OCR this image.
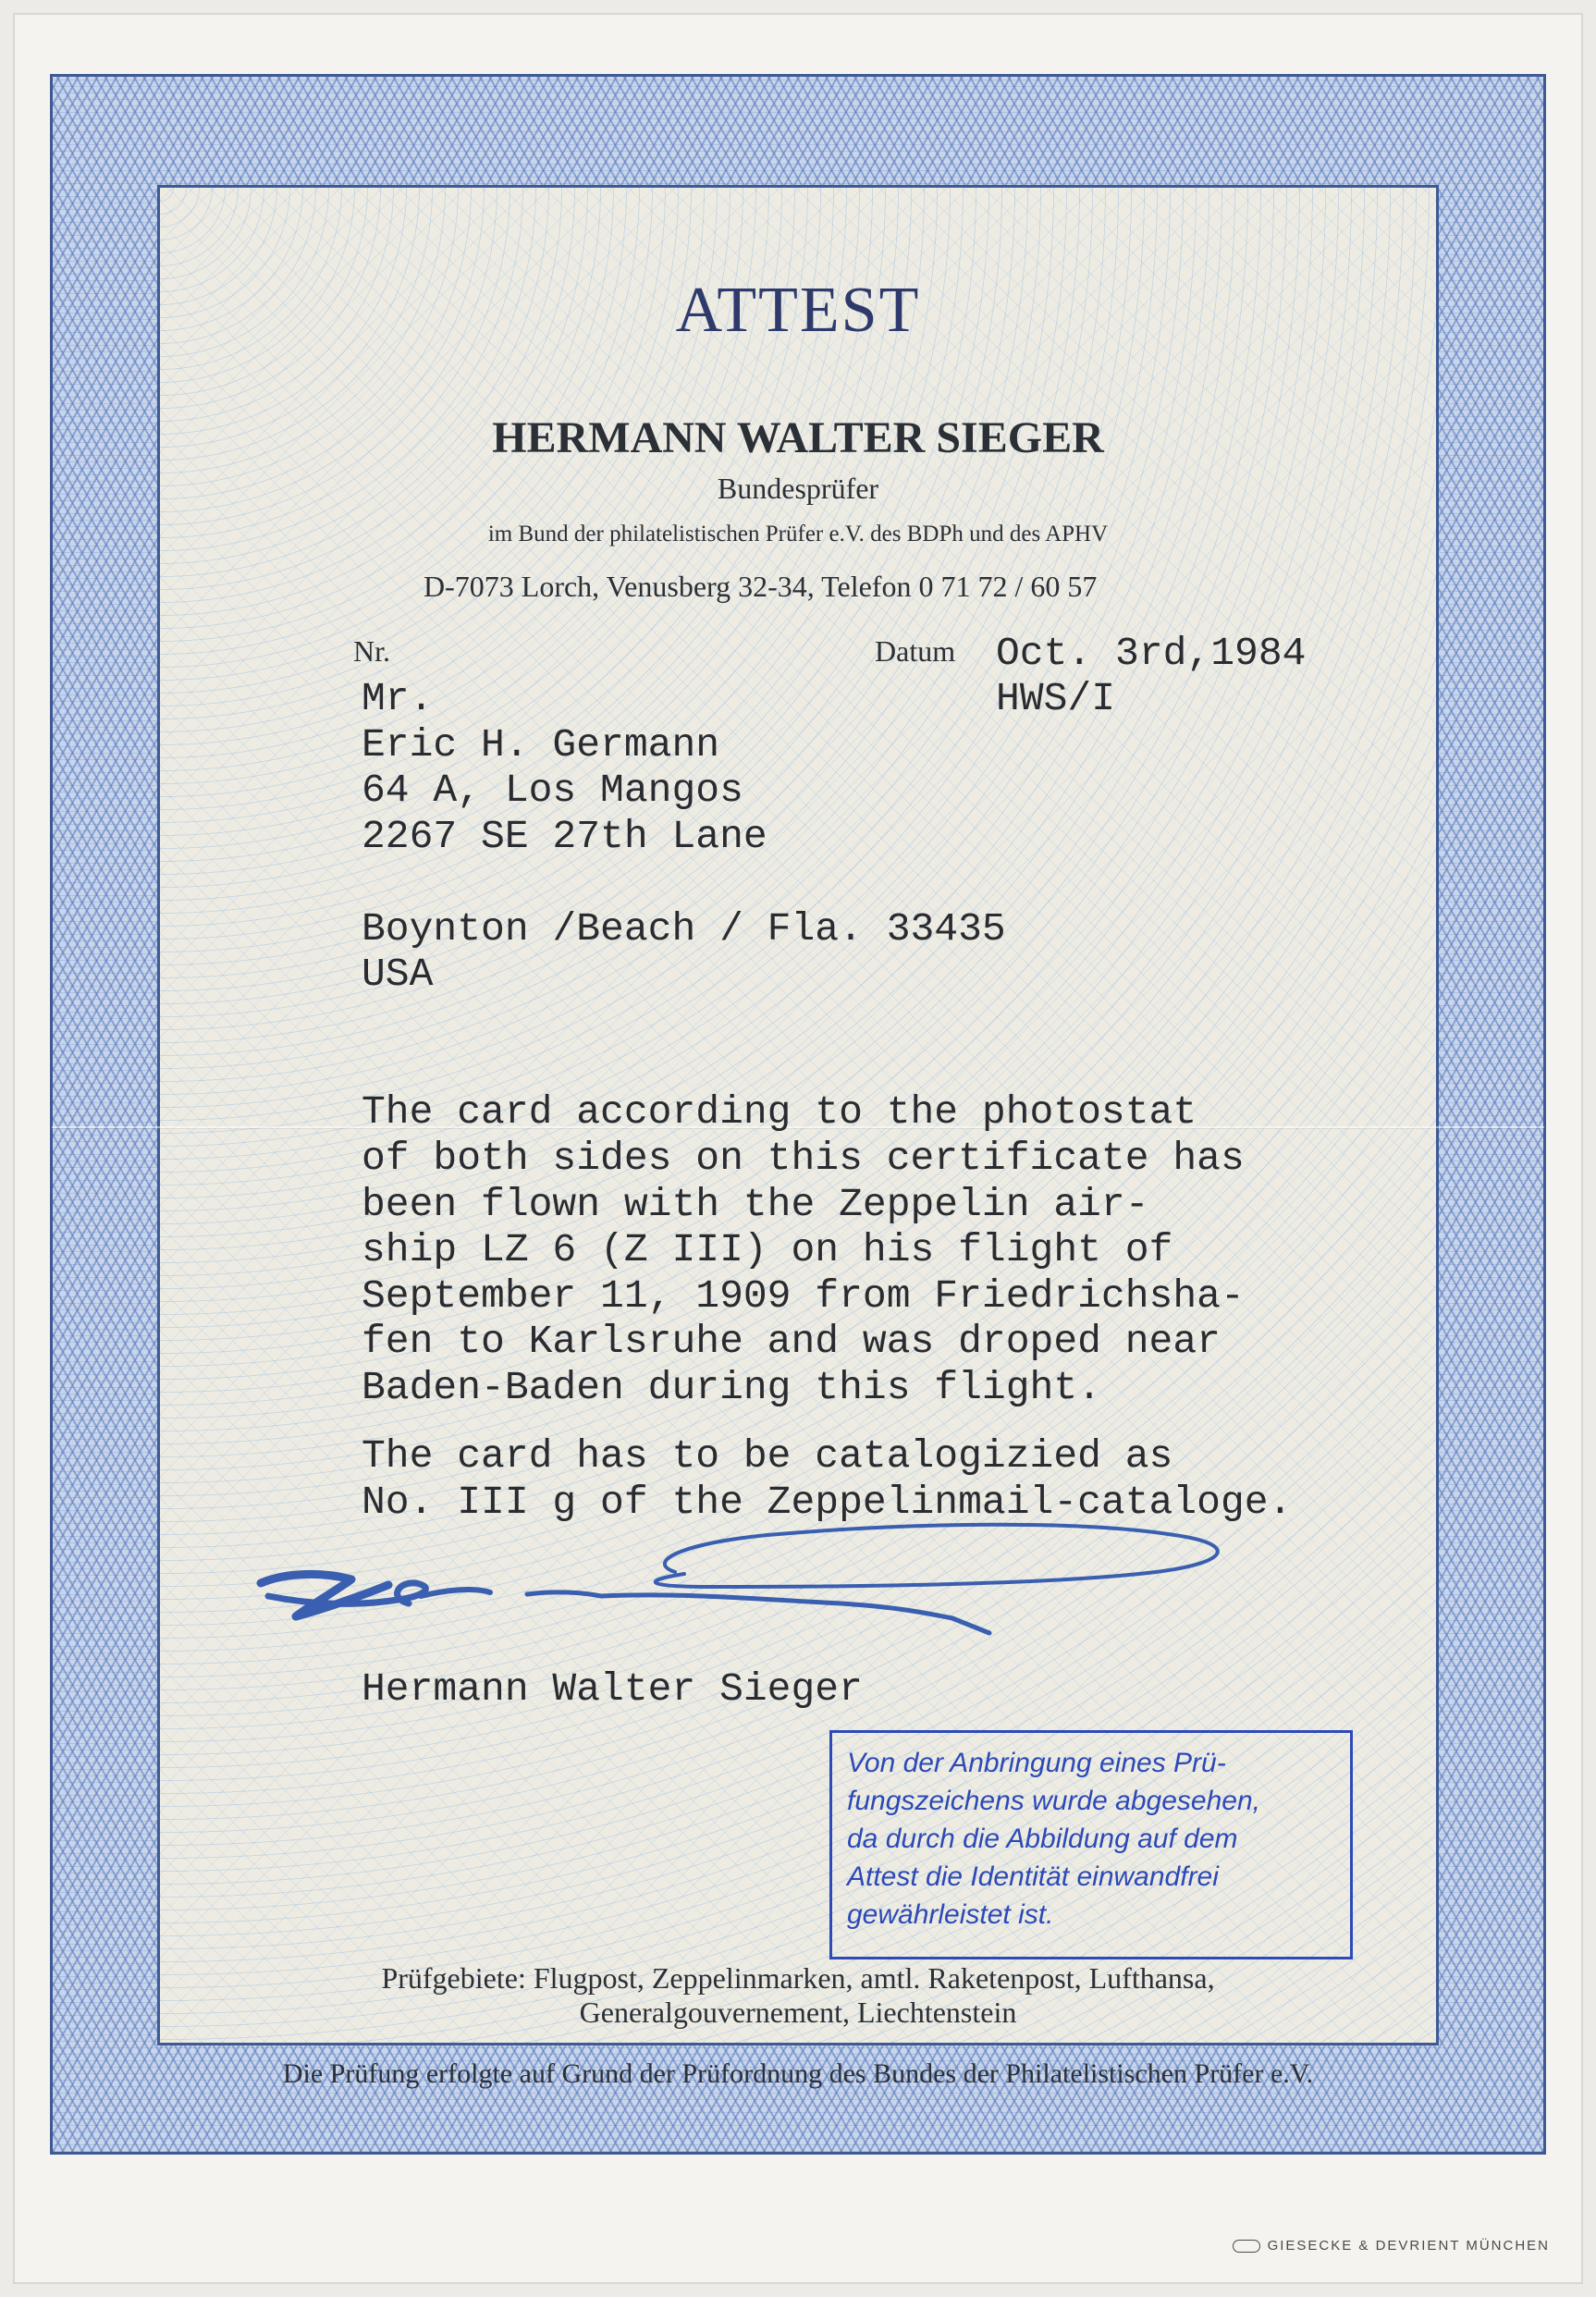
ATTEST
HERMANN WALTER SIEGER
Bundesprüfer
im Bund der philatelistischen Prüfer e.V. des BDPh und des APHV
D-7073 Lorch, Venusberg 32-34, Telefon 0 71 72 / 60 57
Nr.	Datum Oct. 3rd,1984
HWS/I
Mr.
Eric H. Germann
64 A, Los Mangos
2267 SE 27th Lane
Boynton /Beach / Fla. 33435
USA
The card according to the photostat
of both sides on this certificate has
been flown with the Zeppelin air-
ship LZ 6 (Z III) on his flight of
September 11, 1909 from Friedrichsha-
fen to Karlsruhe and was droped near
Baden-Baden during this flight.
The card has to be catalogizied as
No. III g of the Zeppelinmail-cataloge.
Hermann Walter Sieger
Von der Anbringung eines Prü-
fungszeichens wurde abgesehen,
da durch die Abbildung auf dem
Attest die Identität einwandfrei
gewährleistet ist.
Prüfgebiete: Flugpost, Zeppelinmarken, amtl. Raketenpost, Lufthansa,
Generalgouvernement, Liechtenstein
Die Prüfung erfolgte auf Grund der Prüfordnung des Bundes der Philatelistischen Prüfer e.V.
GIESECKE & DEVRIENT MÜNCHEN
